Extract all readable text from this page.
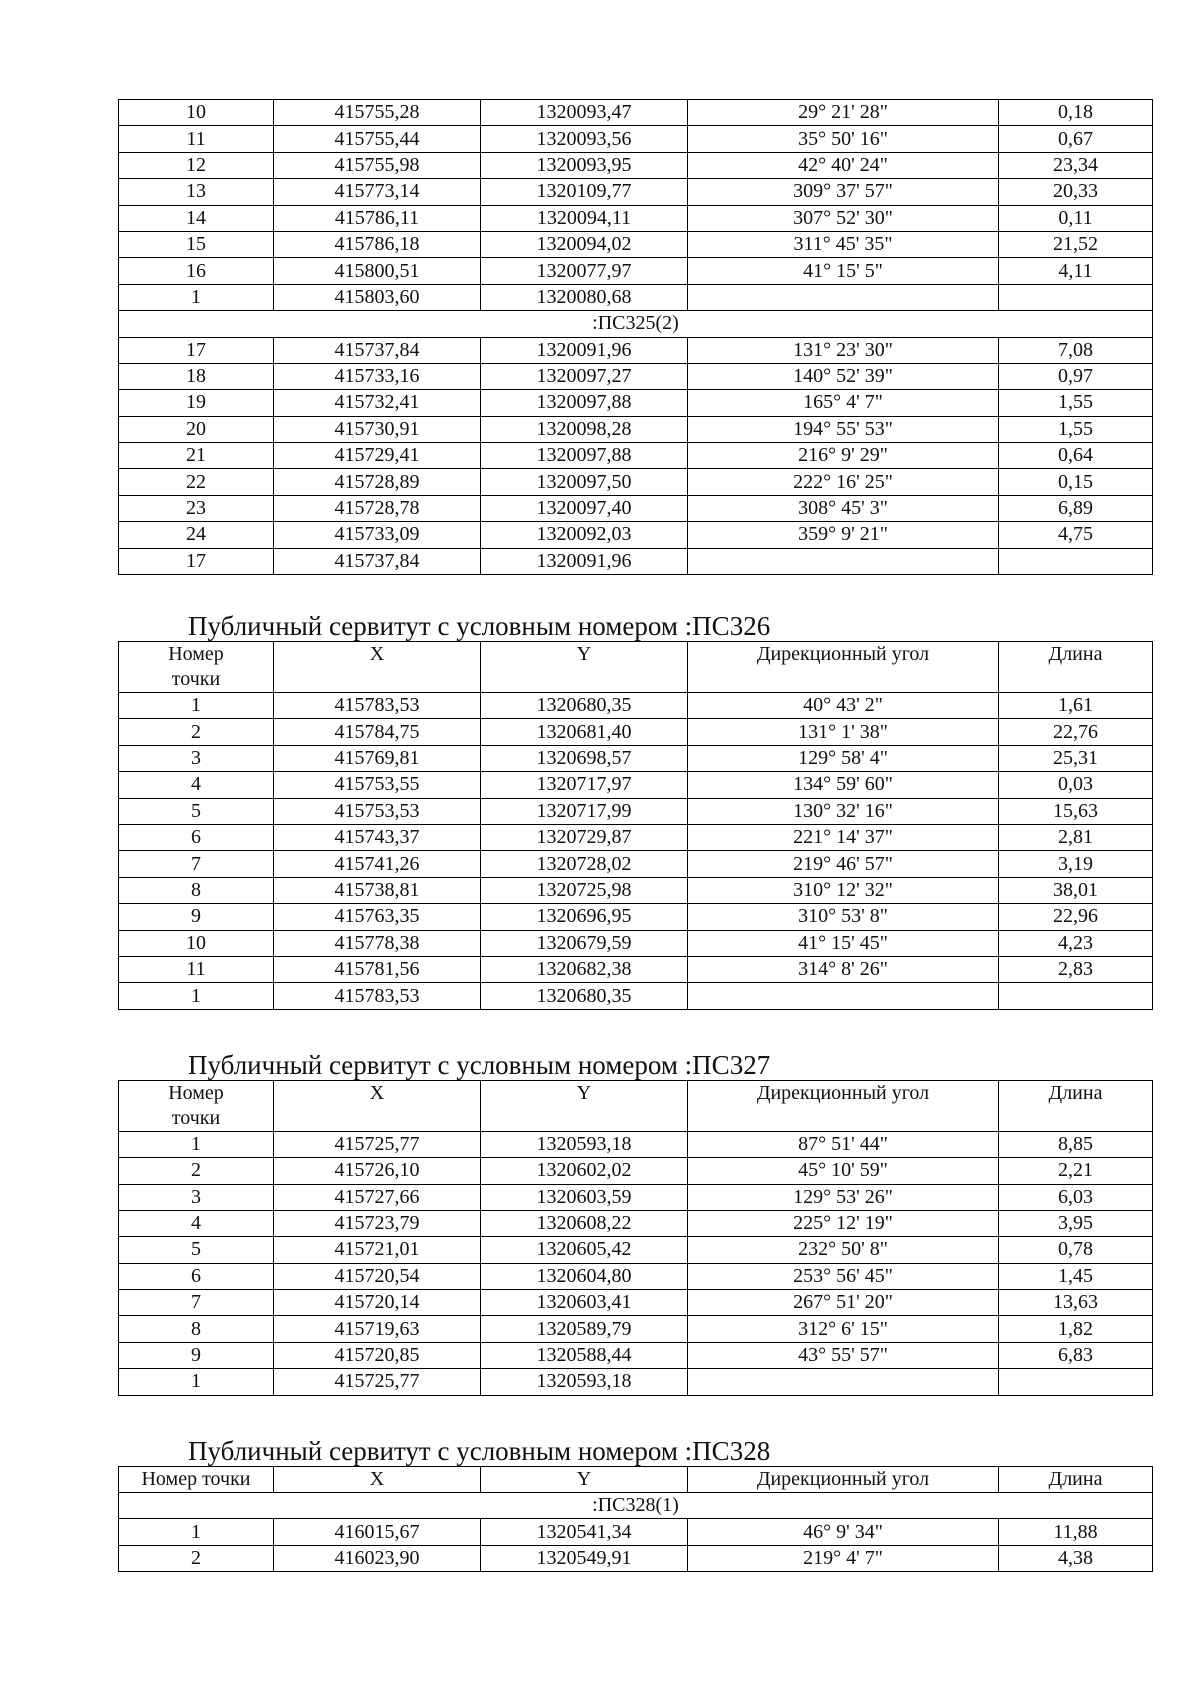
10	415755,28	1320093,47	29° 21' 28"	0,18
11	415755,44	1320093,56	35° 50' 16"	0,67
12	415755,98	1320093,95	42° 40' 24"	23,34
13	415773,14	1320109,77	309° 37' 57"	20,33
14	415786,11	1320094,11	307° 52' 30"	0,11
15	415786,18	1320094,02	311° 45' 35"	21,52
16	415800,51	1320077,97	41° 15' 5"	4,11
1	415803,60	1320080,68		
:ПС325(2)				
17	415737,84	1320091,96	131° 23' 30"	7,08
18	415733,16	1320097,27	140° 52' 39"	0,97
19	415732,41	1320097,88	165° 4' 7"	1,55
20	415730,91	1320098,28	194° 55' 53"	1,55
21	415729,41	1320097,88	216° 9' 29"	0,64
22	415728,89	1320097,50	222° 16' 25"	0,15
23	415728,78	1320097,40	308° 45' 3"	6,89
24	415733,09	1320092,03	359° 9' 21"	4,75
17	415737,84	1320091,96		
Публичный сервитут с условным номером :ПС326
Номер
точки	X	Y	Дирекционный угол	Длина
1	415783,53	1320680,35	40° 43' 2"	1,61
2	415784,75	1320681,40	131° 1' 38"	22,76
3	415769,81	1320698,57	129° 58' 4"	25,31
4	415753,55	1320717,97	134° 59' 60"	0,03
5	415753,53	1320717,99	130° 32' 16"	15,63
6	415743,37	1320729,87	221° 14' 37"	2,81
7	415741,26	1320728,02	219° 46' 57"	3,19
8	415738,81	1320725,98	310° 12' 32"	38,01
9	415763,35	1320696,95	310° 53' 8"	22,96
10	415778,38	1320679,59	41° 15' 45"	4,23
11	415781,56	1320682,38	314° 8' 26"	2,83
1	415783,53	1320680,35		
Публичный сервитут с условным номером :ПС327
Номер
точки	X	Y	Дирекционный угол	Длина
1	415725,77	1320593,18	87° 51' 44"	8,85
2	415726,10	1320602,02	45° 10' 59"	2,21
3	415727,66	1320603,59	129° 53' 26"	6,03
4	415723,79	1320608,22	225° 12' 19"	3,95
5	415721,01	1320605,42	232° 50' 8"	0,78
6	415720,54	1320604,80	253° 56' 45"	1,45
7	415720,14	1320603,41	267° 51' 20"	13,63
8	415719,63	1320589,79	312° 6' 15"	1,82
9	415720,85	1320588,44	43° 55' 57"	6,83
1	415725,77	1320593,18		
Публичный сервитут с условным номером :ПС328
Номер точки	X	Y	Дирекционный угол	Длина
:ПС328(1)				
1	416015,67	1320541,34	46° 9' 34"	11,88
2	416023,90	1320549,91	219° 4' 7"	4,38
